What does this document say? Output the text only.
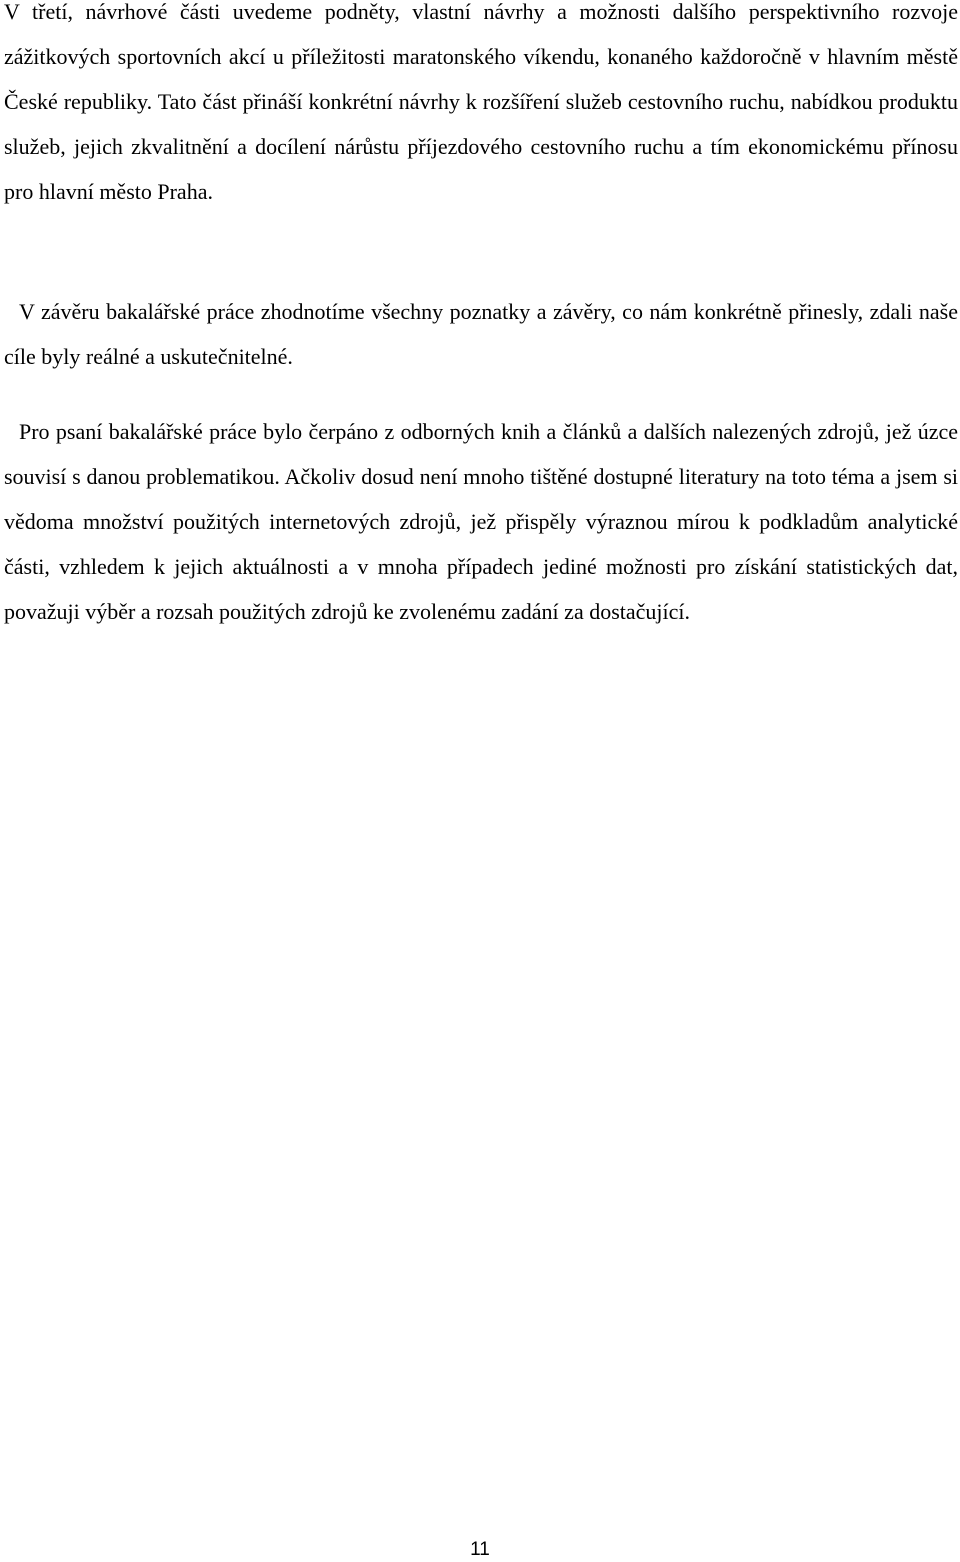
V třetí, návrhové části uvedeme podněty, vlastní návrhy a možnosti dalšího perspektivního rozvoje zážitkových sportovních akcí u příležitosti maratonského víkendu, konaného každoročně v hlavním městě České republiky. Tato část přináší konkrétní návrhy k rozšíření služeb cestovního ruchu, nabídkou produktu služeb, jejich zkvalitnění a docílení nárůstu příjezdového cestovního ruchu a tím ekonomickému přínosu pro hlavní město Praha.

V závěru bakalářské práce zhodnotíme všechny poznatky a závěry, co nám konkrétně přinesly, zdali naše cíle byly reálné a uskutečnitelné.

Pro psaní bakalářské práce bylo čerpáno z odborných knih a článků a dalších nalezených zdrojů, jež úzce souvisí s danou problematikou. Ačkoliv dosud není mnoho tištěné dostupné literatury na toto téma a jsem si vědoma množství použitých internetových zdrojů, jež přispěly výraznou mírou k podkladům analytické části, vzhledem k jejich aktuálnosti a v mnoha případech jediné možnosti pro získání statistických dat, považuji výběr a rozsah použitých zdrojů ke zvolenému zadání za dostačující.

11
